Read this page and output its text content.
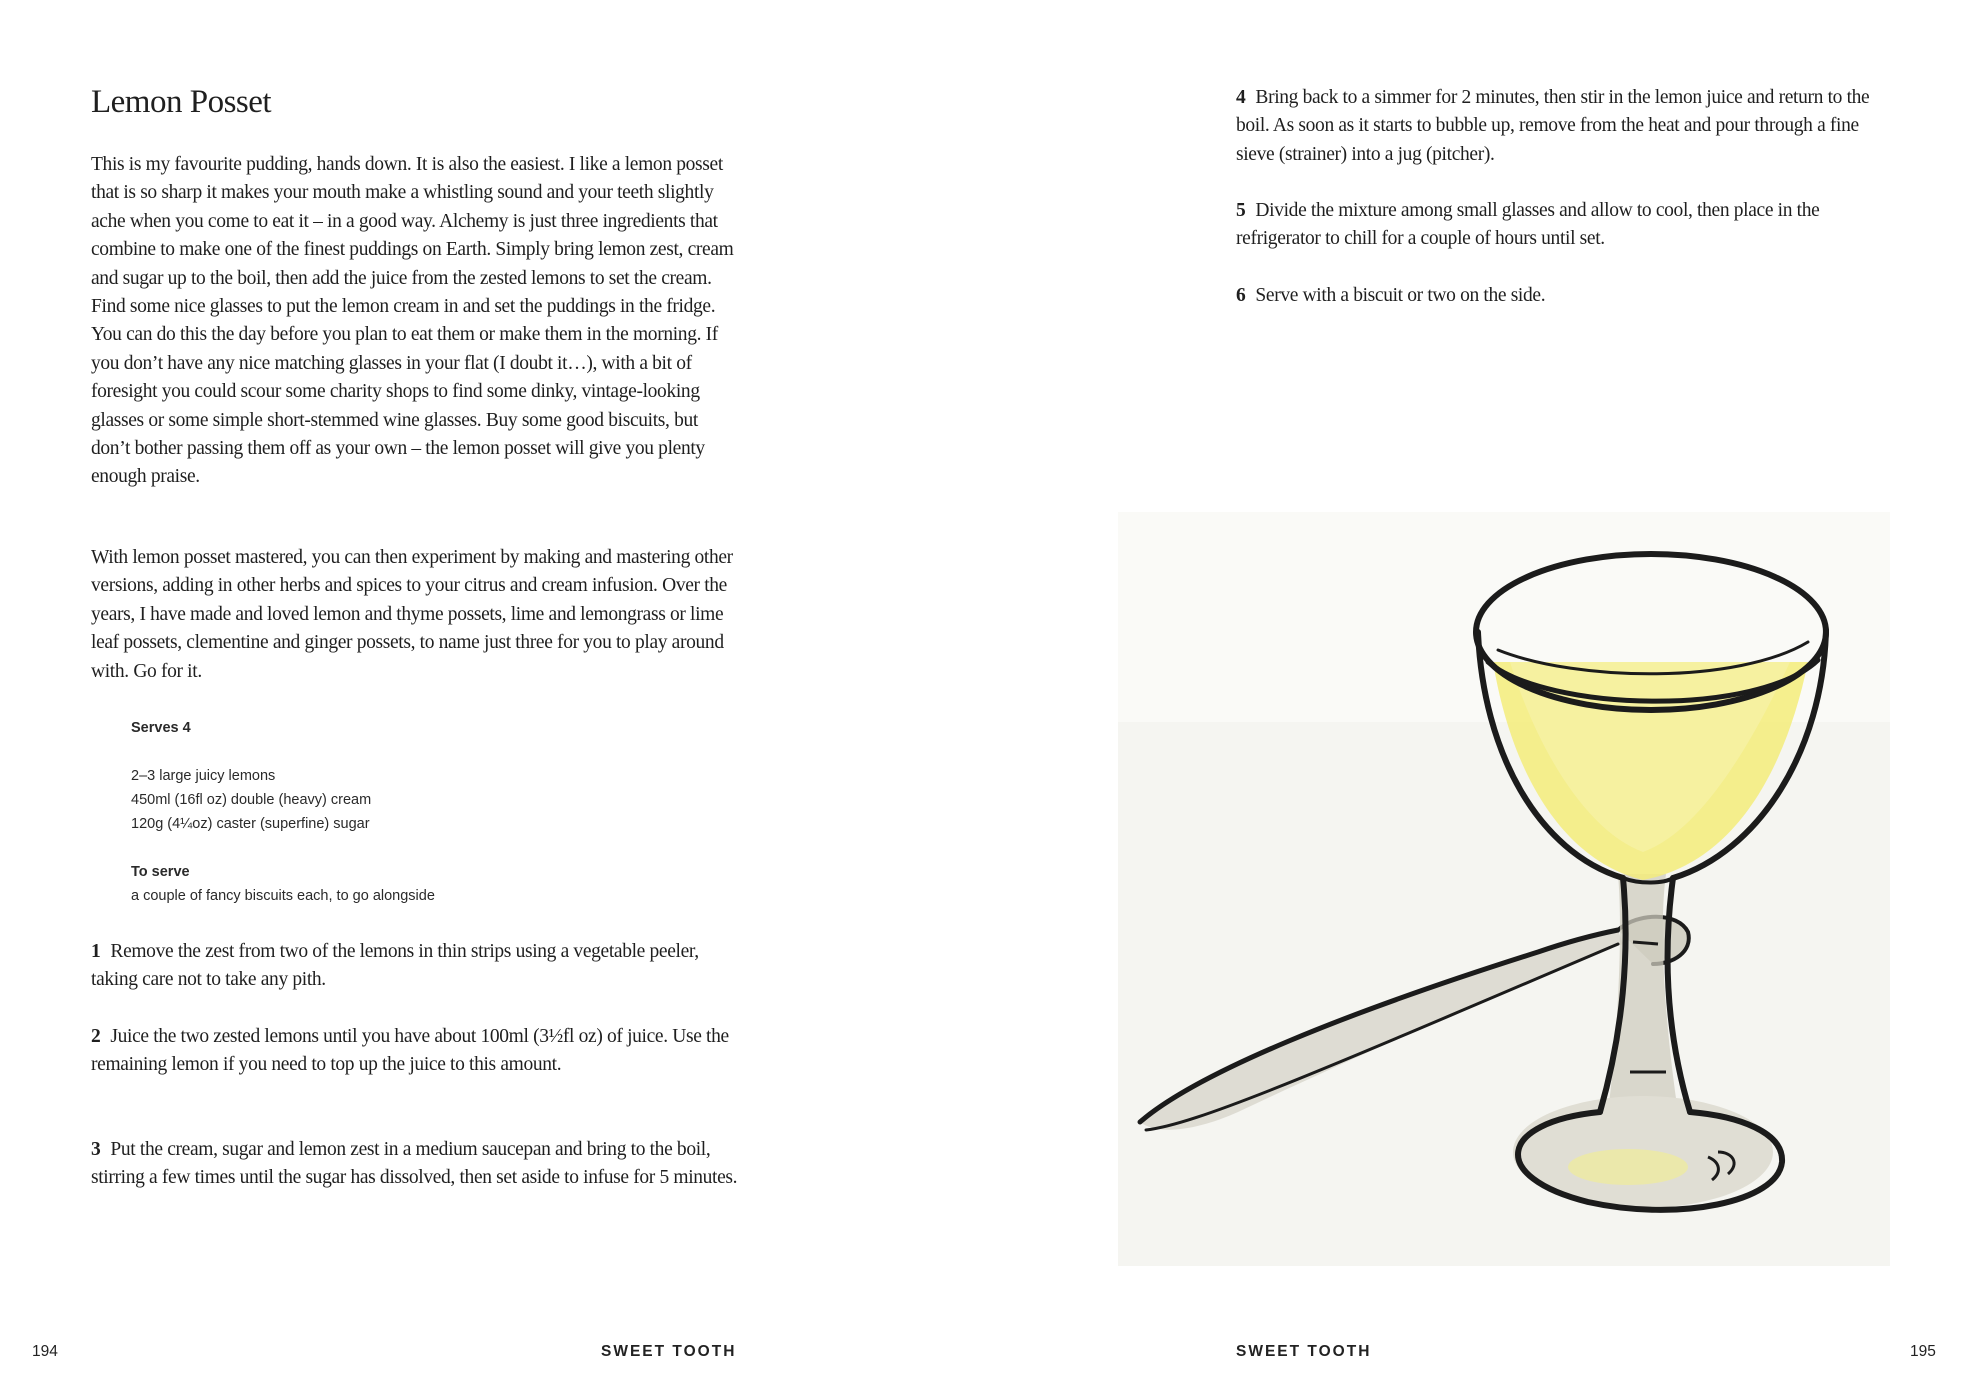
Lemon Posset

This is my favourite pudding, hands down. It is also the easiest. I like a lemon posset that is so sharp it makes your mouth make a whistling sound and your teeth slightly ache when you come to eat it – in a good way. Alchemy is just three ingredients that combine to make one of the finest puddings on Earth. Simply bring lemon zest, cream and sugar up to the boil, then add the juice from the zested lemons to set the cream. Find some nice glasses to put the lemon cream in and set the puddings in the fridge. You can do this the day before you plan to eat them or make them in the morning. If you don’t have any nice matching glasses in your flat (I doubt it…), with a bit of foresight you could scour some charity shops to find some dinky, vintage-looking glasses or some simple short-stemmed wine glasses. Buy some good biscuits, but don’t bother passing them off as your own – the lemon posset will give you plenty enough praise.

With lemon posset mastered, you can then experiment by making and mastering other versions, adding in other herbs and spices to your citrus and cream infusion. Over the years, I have made and loved lemon and thyme possets, lime and lemongrass or lime leaf possets, clementine and ginger possets, to name just three for you to play around with. Go for it.

Serves 4

2–3 large juicy lemons

450ml (16fl oz) double (heavy) cream

120g (4¼oz) caster (superfine) sugar

To serve

a couple of fancy biscuits each, to go alongside

1 Remove the zest from two of the lemons in thin strips using a vegetable peeler, taking care not to take any pith.

2 Juice the two zested lemons until you have about 100ml (3½fl oz) of juice. Use the remaining lemon if you need to top up the juice to this amount.

3 Put the cream, sugar and lemon zest in a medium saucepan and bring to the boil, stirring a few times until the sugar has dissolved, then set aside to infuse for 5 minutes.

194	SWEET TOOTH

4 Bring back to a simmer for 2 minutes, then stir in the lemon juice and return to the boil. As soon as it starts to bubble up, remove from the heat and pour through a fine sieve (strainer) into a jug (pitcher).

5 Divide the mixture among small glasses and allow to cool, then place in the refrigerator to chill for a couple of hours until set.

6 Serve with a biscuit or two on the side.

SWEET TOOTH	195
